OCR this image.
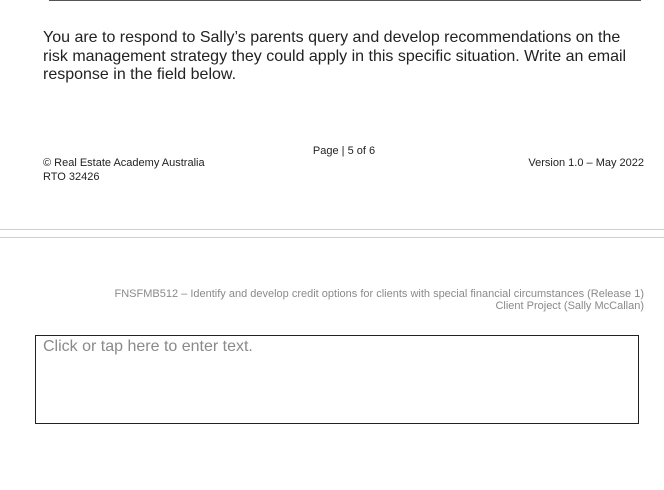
You are to respond to Sally’s parents query and develop recommendations on the risk management strategy they could apply in this specific situation. Write an email response in the field below.
Page | 5 of 6
© Real Estate Academy Australia
RTO 32426
Version 1.0 – May 2022
FNSFMB512 – Identify and develop credit options for clients with special financial circumstances (Release 1)
Client Project (Sally McCallan)
Click or tap here to enter text.
